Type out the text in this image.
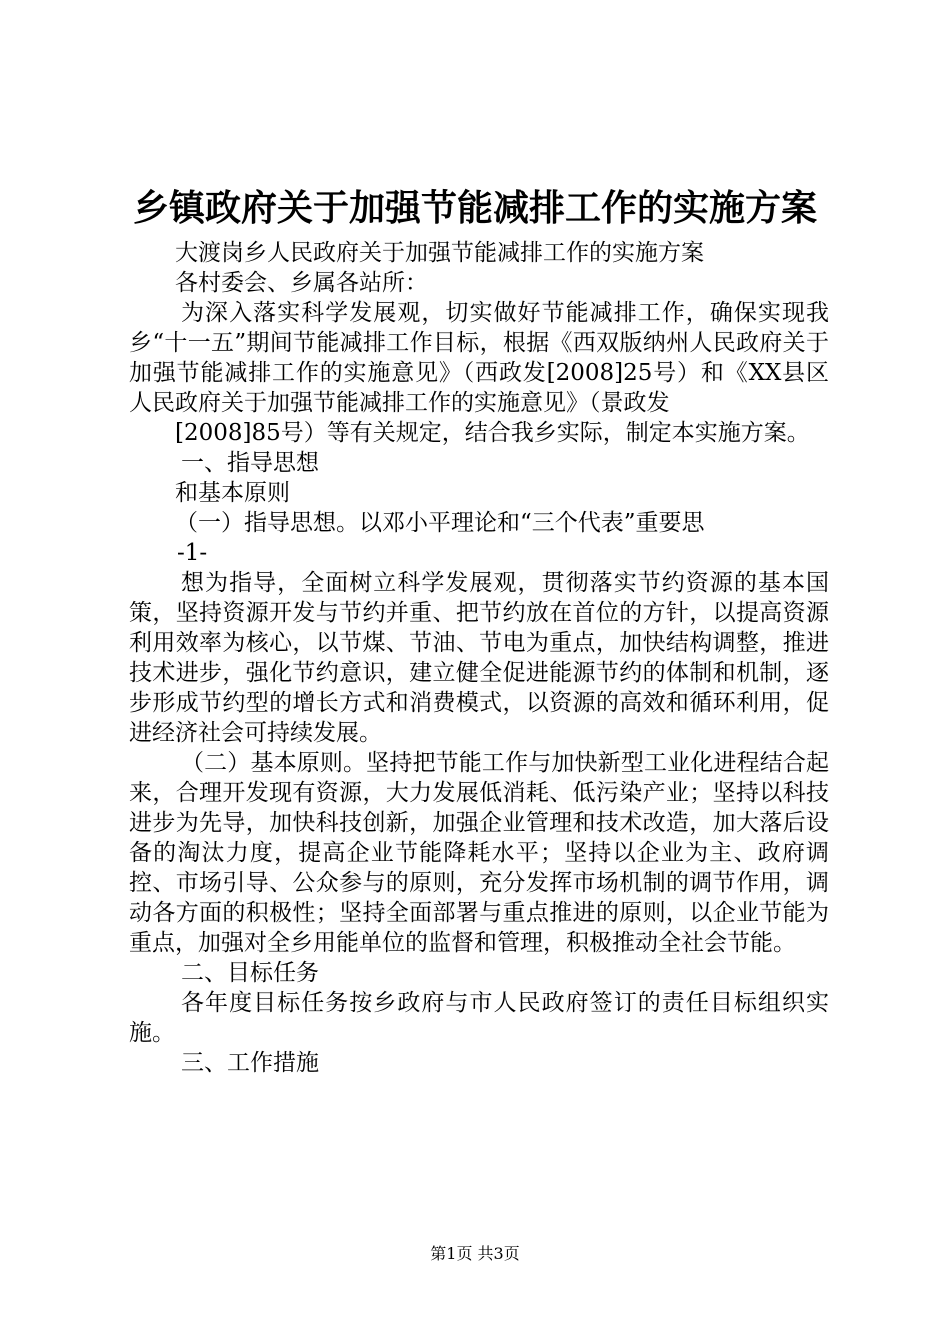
乡镇政府关于加强节能减排工作的实施方案

大渡岗乡人民政府关于加强节能减排工作的实施方案

各村委会、乡属各站所：

为深入落实科学发展观，切实做好节能减排工作，确保实现我乡“十一五”期间节能减排工作目标，根据《西双版纳州人民政府关于加强节能减排工作的实施意见》（西政发[2008]25号）和《XX县区人民政府关于加强节能减排工作的实施意见》（景政发

[2008]85号）等有关规定，结合我乡实际，制定本实施方案。

一、指导思想

和基本原则

（一）指导思想。以邓小平理论和“三个代表”重要思

-1-

想为指导，全面树立科学发展观，贯彻落实节约资源的基本国策，坚持资源开发与节约并重、把节约放在首位的方针，以提高资源利用效率为核心，以节煤、节油、节电为重点，加快结构调整，推进技术进步，强化节约意识，建立健全促进能源节约的体制和机制，逐步形成节约型的增长方式和消费模式，以资源的高效和循环利用，促进经济社会可持续发展。

（二）基本原则。坚持把节能工作与加快新型工业化进程结合起来，合理开发现有资源，大力发展低消耗、低污染产业；坚持以科技进步为先导，加快科技创新，加强企业管理和技术改造，加大落后设备的淘汰力度，提高企业节能降耗水平；坚持以企业为主、政府调控、市场引导、公众参与的原则，充分发挥市场机制的调节作用，调动各方面的积极性；坚持全面部署与重点推进的原则，以企业节能为重点，加强对全乡用能单位的监督和管理，积极推动全社会节能。

二、目标任务

各年度目标任务按乡政府与市人民政府签订的责任目标组织实施。

三、工作措施

第1页 共3页
